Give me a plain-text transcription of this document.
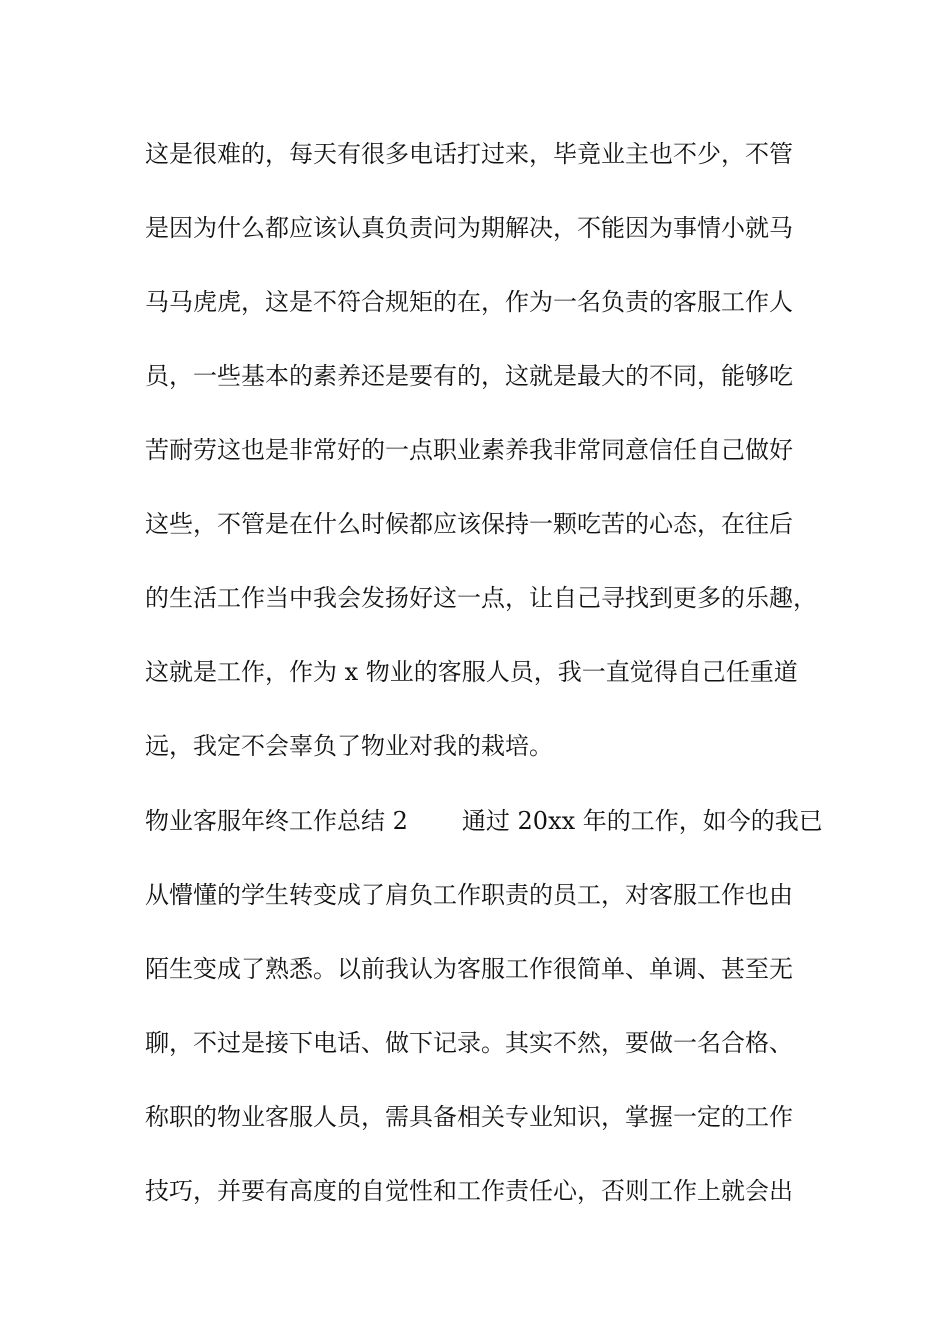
这是很难的，每天有很多电话打过来，毕竟业主也不少，不管
是因为什么都应该认真负责问为期解决，不能因为事情小就马
马马虎虎，这是不符合规矩的在，作为一名负责的客服工作人
员，一些基本的素养还是要有的，这就是最大的不同，能够吃
苦耐劳这也是非常好的一点职业素养我非常同意信任自己做好
这些，不管是在什么时候都应该保持一颗吃苦的心态，在往后
的生活工作当中我会发扬好这一点，让自己寻找到更多的乐趣，
这就是工作，作为 x 物业的客服人员，我一直觉得自己任重道
远，我定不会辜负了物业对我的栽培。
物业客服年终工作总结 2 通过 20xx 年的工作，如今的我已
从懵懂的学生转变成了肩负工作职责的员工，对客服工作也由
陌生变成了熟悉。以前我认为客服工作很简单、单调、甚至无
聊，不过是接下电话、做下记录。其实不然，要做一名合格、
称职的物业客服人员，需具备相关专业知识，掌握一定的工作
技巧，并要有高度的自觉性和工作责任心，否则工作上就会出
